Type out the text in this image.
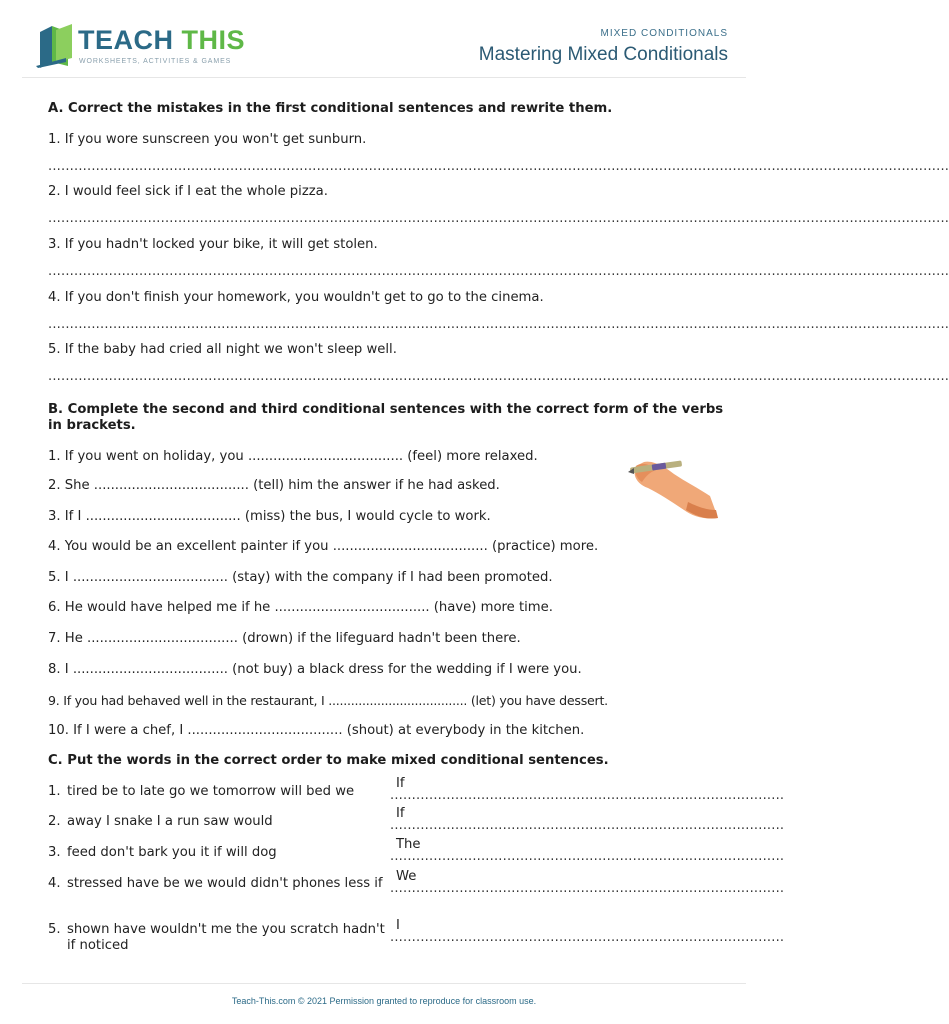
TEACH THIS
WORKSHEETS, ACTIVITIES & GAMES
MIXED CONDITIONALS
Mastering Mixed Conditionals
A. Correct the mistakes in the first conditional sentences and rewrite them.
1. If you wore sunscreen you won't get sunburn.
................................................................................................................................................................................................................
2. I would feel sick if I eat the whole pizza.
................................................................................................................................................................................................................
3. If you hadn't locked your bike, it will get stolen.
................................................................................................................................................................................................................
4. If you don't finish your homework, you wouldn't get to go to the cinema.
................................................................................................................................................................................................................
5. If the baby had cried all night we won't sleep well.
................................................................................................................................................................................................................
B. Complete the second and third conditional sentences with the correct form of the verbs in brackets.
1. If you went on holiday, you ..................................... (feel) more relaxed.
2. She ..................................... (tell) him the answer if he had asked.
3. If I ..................................... (miss) the bus, I would cycle to work.
4. You would be an excellent painter if you ..................................... (practice) more.
5. I ..................................... (stay) with the company if I had been promoted.
6. He would have helped me if he ..................................... (have) more time.
7. He .................................... (drown) if the lifeguard hadn't been there.
8. I ..................................... (not buy) a black dress for the wedding if I were you.
9. If you had behaved well in the restaurant, I ..................................... (let) you have dessert.
10. If I were a chef, I ..................................... (shout) at everybody in the kitchen.
C. Put the words in the correct order to make mixed conditional sentences.
1. tired be to late go we tomorrow will bed we
If
...........................................................................................
2. away I snake I a run saw would
If
...........................................................................................
3. feed don't bark you it if will dog
The
...........................................................................................
4. stressed have be we would didn't phones less if	We
...........................................................................................
5. shown have wouldn't me the you scratch hadn't if noticed
I
...........................................................................................
Teach-This.com © 2021 Permission granted to reproduce for classroom use.
